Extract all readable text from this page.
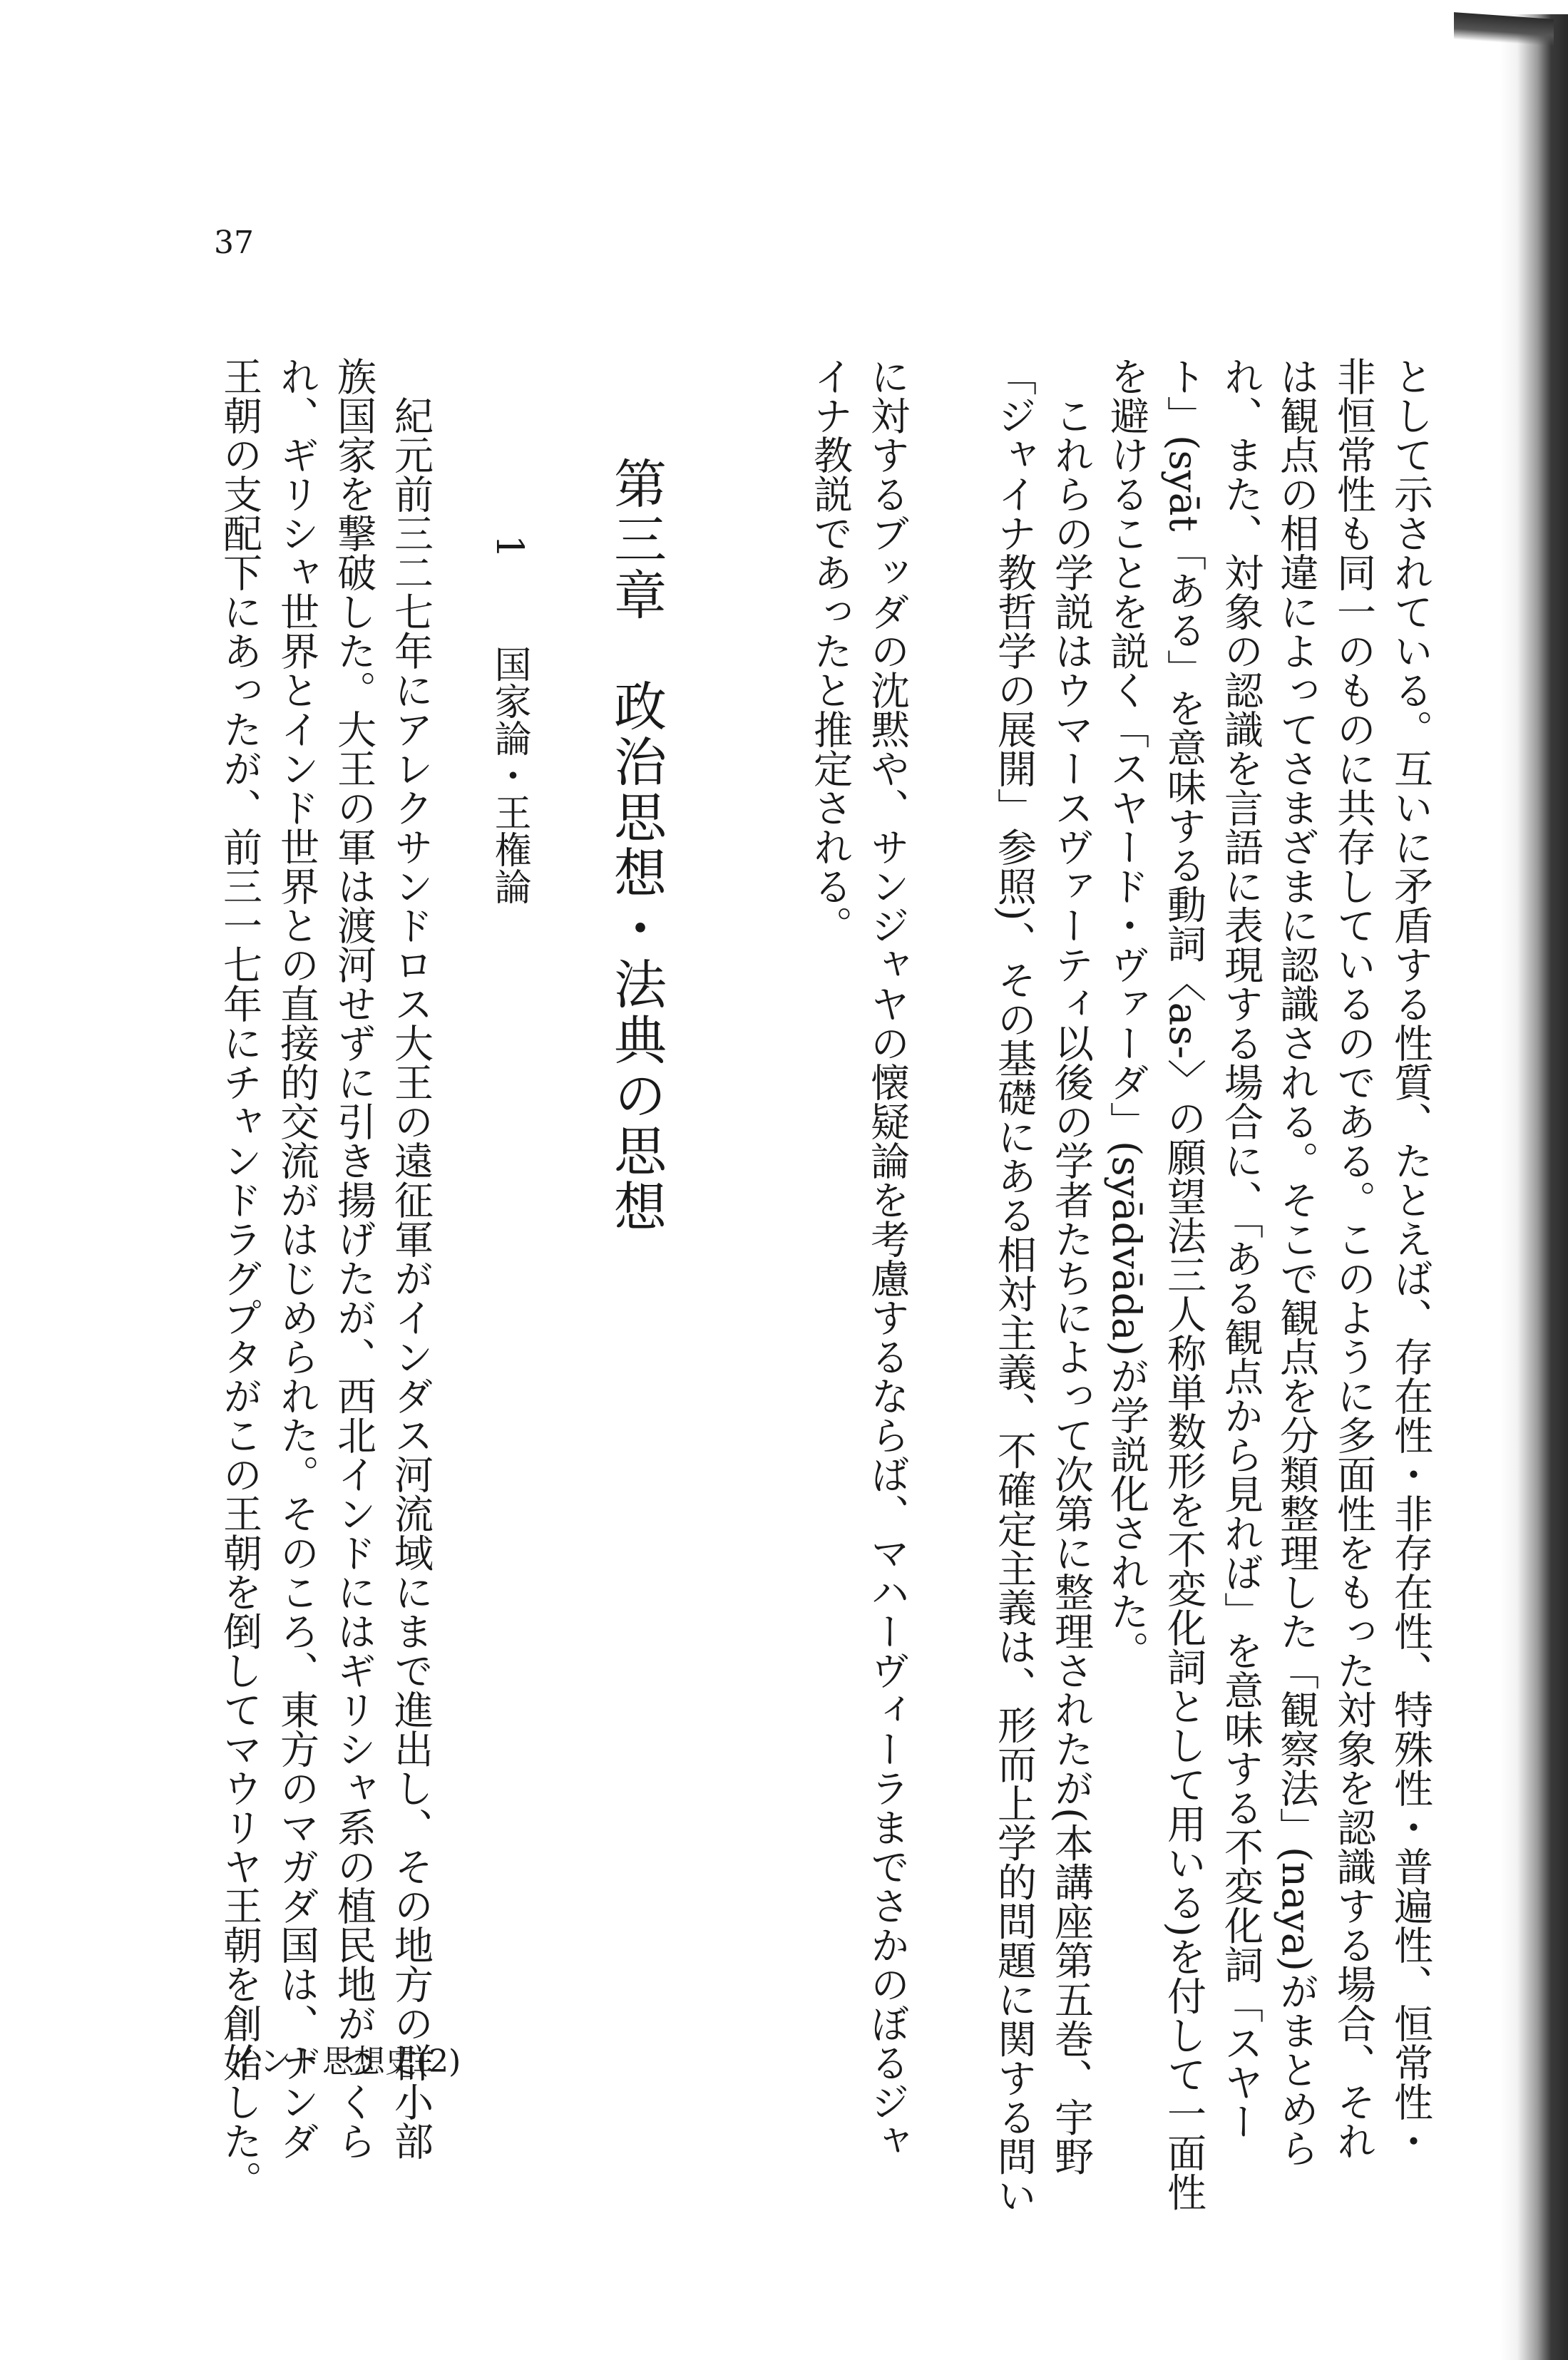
37
として示されている。互いに矛盾する性質、たとえば、存在性・非存在性、特殊性・普遍性、恒常性・
非恒常性も同一のものに共存しているのである。このように多面性をもった対象を認識する場合、それ
は観点の相違によってさまざまに認識される。そこで観点を分類整理した「観察法」(naya)がまとめら
れ、また、対象の認識を言語に表現する場合に、「ある観点から見れば」を意味する不変化詞「スヤー
ト」(syāt「ある」を意味する動詞〈as-〉の願望法三人称単数形を不変化詞として用いる)を付して一面性
を避けることを説く「スヤード・ヴァーダ」(syādvāda)が学説化された。
これらの学説はウマースヴァーティ以後の学者たちによって次第に整理されたが(本講座第五巻、宇野
「ジャイナ教哲学の展開」参照)、その基礎にある相対主義、不確定主義は、形而上学的問題に関する問い
に対するブッダの沈黙や、サンジャヤの懐疑論を考慮するならば、マハーヴィーラまでさかのぼるジャ
イナ教説であったと推定される。
第三章　政治思想・法典の思想
1
国家論・王権論
紀元前三二七年にアレクサンドロス大王の遠征軍がインダス河流域にまで進出し、その地方の群小部
族国家を撃破した。大王の軍は渡河せずに引き揚げたが、西北インドにはギリシャ系の植民地がつくら
れ、ギリシャ世界とインド世界との直接的交流がはじめられた。そのころ、東方のマガダ国は、ナンダ
王朝の支配下にあったが、前三一七年にチャンドラグプタがこの王朝を倒してマウリヤ王朝を創始した。
インド思想史(2)
